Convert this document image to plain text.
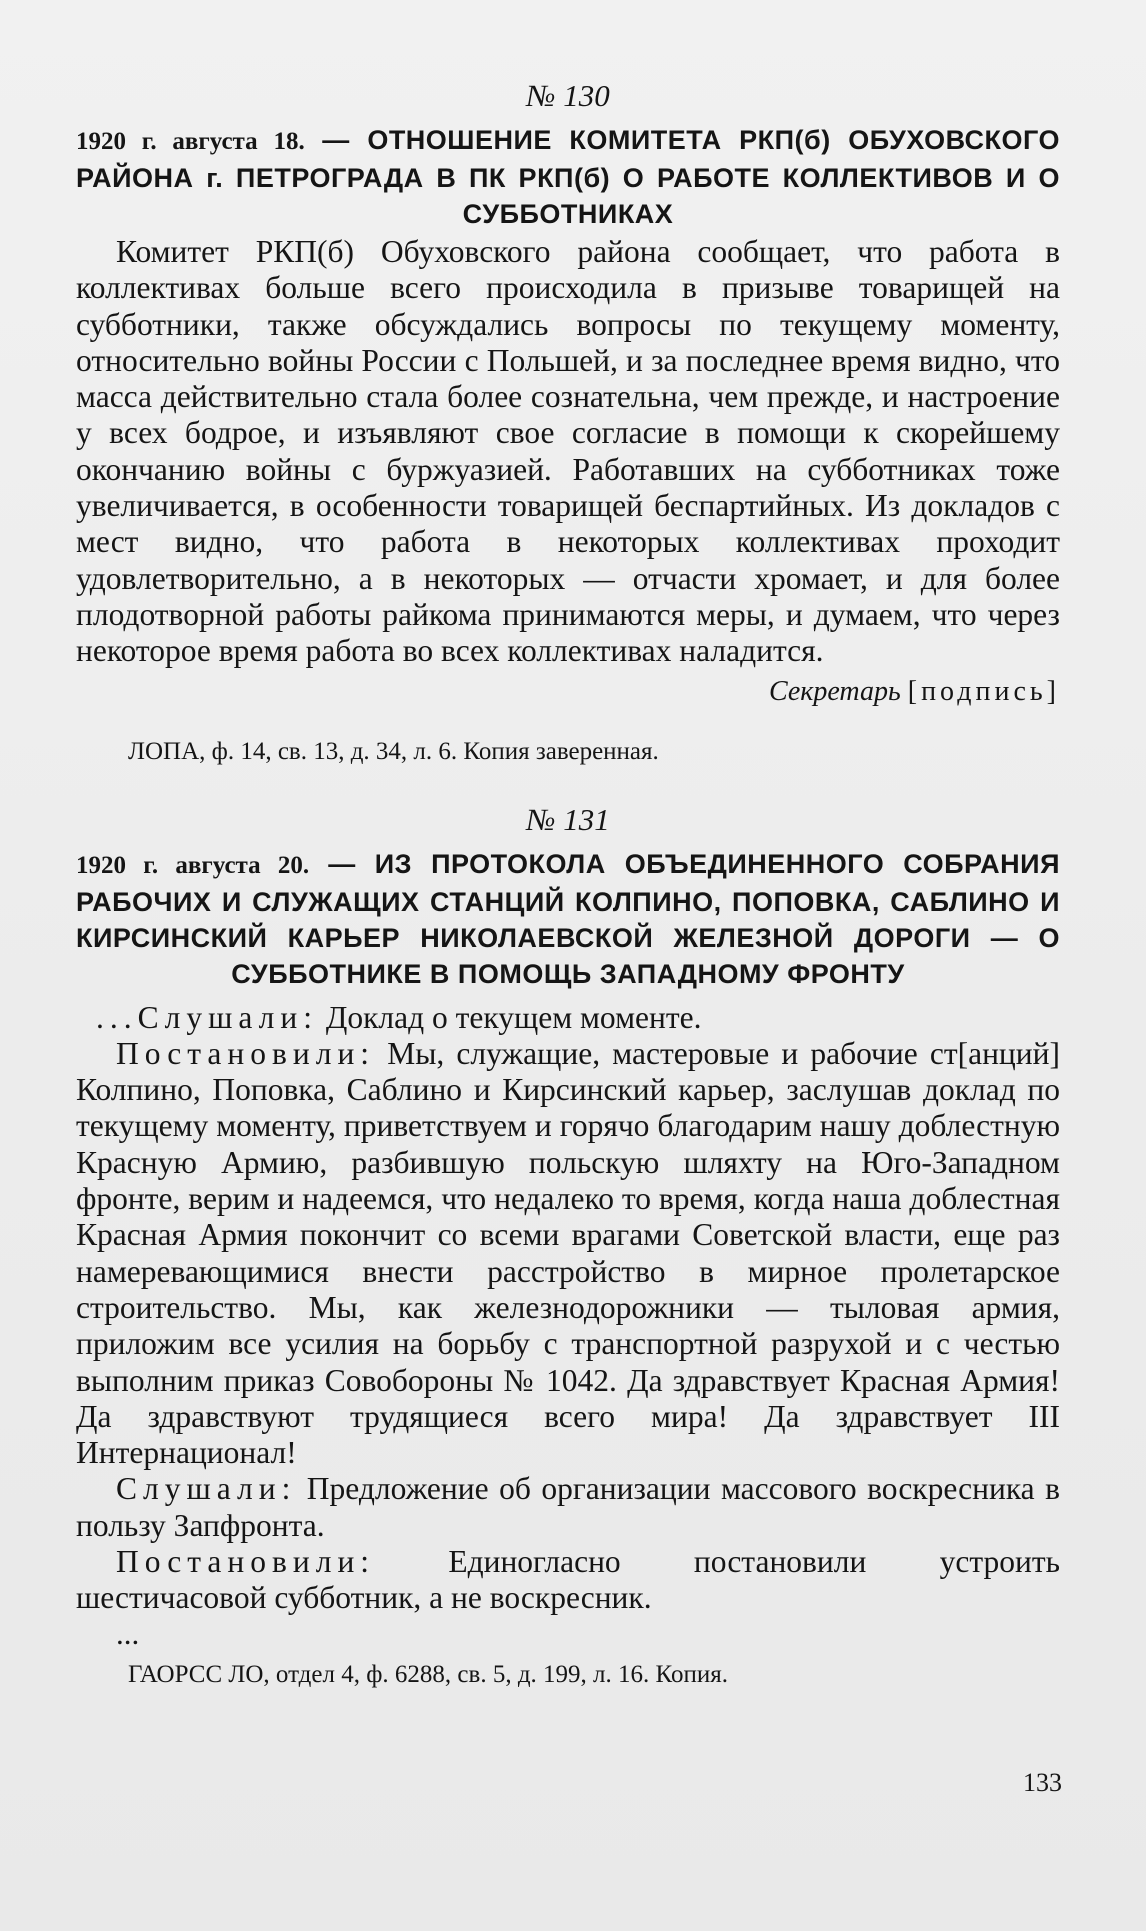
№ 130
1920 г. августа 18. — ОТНОШЕНИЕ КОМИТЕТА РКП(б) ОБУХОВСКОГО РАЙОНА г. ПЕТРОГРАДА В ПК РКП(б) О РАБОТЕ КОЛЛЕКТИВОВ И О СУББОТНИКАХ

Комитет РКП(б) Обуховского района сообщает, что работа в коллективах больше всего происходила в призыве товарищей на субботники, также обсуждались вопросы по текущему моменту, относительно войны России с Польшей, и за последнее время видно, что масса действительно стала более сознательна, чем прежде, и настроение у всех бодрое, и изъявляют свое согласие в помощи к скорейшему окончанию войны с буржуазией. Работавших на субботниках тоже увеличивается, в особенности товарищей беспартийных. Из докладов с мест видно, что работа в некоторых коллективах проходит удовлетворительно, а в некоторых — отчасти хромает, и для более плодотворной работы райкома принимаются меры, и думаем, что через некоторое время работа во всех коллективах наладится.

Секретарь [подпись]
ЛОПА, ф. 14, св. 13, д. 34, л. 6. Копия заверенная.
№ 131
1920 г. августа 20. — ИЗ ПРОТОКОЛА ОБЪЕДИНЕННОГО СОБРАНИЯ РАБОЧИХ И СЛУЖАЩИХ СТАНЦИЙ КОЛПИНО, ПОПОВКА, САБЛИНО И КИРСИНСКИЙ КАРЬЕР НИКОЛАЕВСКОЙ ЖЕЛЕЗНОЙ ДОРОГИ — О СУББОТНИКЕ В ПОМОЩЬ ЗАПАДНОМУ ФРОНТУ

...Слушали: Доклад о текущем моменте.

Постановили: Мы, служащие, мастеровые и рабочие ст[анций] Колпино, Поповка, Саблино и Кирсинский карьер, заслушав доклад по текущему моменту, приветствуем и горячо благодарим нашу доблестную Красную Армию, разбившую польскую шляхту на Юго-Западном фронте, верим и надеемся, что недалеко то время, когда наша доблестная Красная Армия покончит со всеми врагами Советской власти, еще раз намеревающимися внести расстройство в мирное пролетарское строительство. Мы, как железнодорожники — тыловая армия, приложим все усилия на борьбу с транспортной разрухой и с честью выполним приказ Совобороны № 1042. Да здравствует Красная Армия! Да здравствуют трудящиеся всего мира! Да здравствует III Интернационал!

Слушали: Предложение об организации массового воскресника в пользу Запфронта.

Постановили: Единогласно постановили устроить шестичасовой субботник, а не воскресник.

...
ГАОРСС ЛО, отдел 4, ф. 6288, св. 5, д. 199, л. 16. Копия.
133
